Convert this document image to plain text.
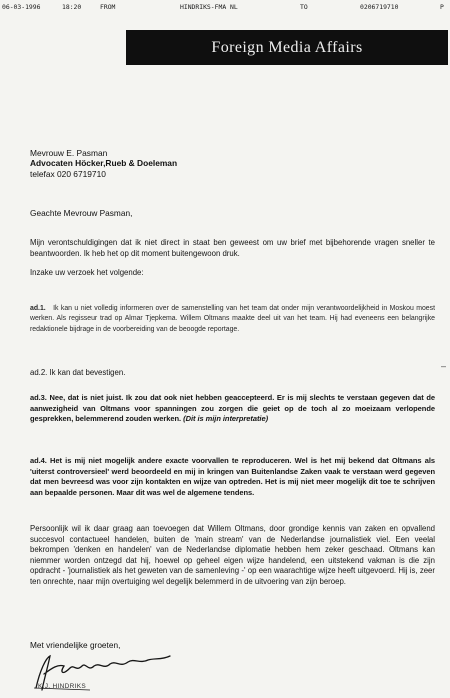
06-03-1996	18:20	FROM	HINDRIKS-FMA NL	TO	0206719710	P
Foreign Media Affairs
Mevrouw E. Pasman
Advocaten Höcker,Rueb & Doeleman
telefax 020 6719710
Geachte Mevrouw Pasman,

Mijn verontschuldigingen dat ik niet direct in staat ben geweest om uw brief met bijbehorende vragen sneller te beantwoorden. Ik heb het op dit moment buitengewoon druk.

Inzake uw verzoek het volgende:

ad.1. Ik kan u niet volledig informeren over de samenstelling van het team dat onder mijn verantwoordelijkheid in Moskou moest werken. Als regisseur trad op Almar Tjepkema. Willem Oltmans maakte deel uit van het team. Hij had eveneens een belangrijke redaktionele bijdrage in de voorbereiding van de beoogde reportage.

ad.2. Ik kan dat bevestigen.

ad.3. Nee, dat is niet juist. Ik zou dat ook niet hebben geaccepteerd. Er is mij slechts te verstaan gegeven dat de aanwezigheid van Oltmans voor spanningen zou zorgen die geiet op de toch al zo moeizaam verlopende gesprekken, belemmerend zouden werken. (Dit is mijn interpretatie)

ad.4. Het is mij niet mogelijk andere exacte voorvallen te reproduceren. Wel is het mij bekend dat Oltmans als 'uiterst controversieel' werd beoordeeld en mij in kringen van Buitenlandse Zaken vaak te verstaan werd gegeven dat men bevreesd was voor zijn kontakten en wijze van optreden. Het is mij niet meer mogelijk dit toe te schrijven aan bepaalde personen. Maar dit was wel de algemene tendens.

Persoonlijk wil ik daar graag aan toevoegen dat Willem Oltmans, door grondige kennis van zaken en opvallend succesvol contactueel handelen, buiten de 'main stream' van de Nederlandse journalistiek viel. Een veelal bekrompen 'denken en handelen' van de Nederlandse diplomatie hebben hem zeker geschaad. Oltmans kan niemmer worden ontzegd dat hij, hoewel op geheel eigen wijze handelend, een uitstekend vakman is die zijn opdracht - 'journalistiek als het geweten van de samenleving -' op een waarachtige wijze heeft uitgevoerd. Hij is, zeer ten onrechte, naar mijn overtuiging wel degelijk belemmerd in de uitvoering van zijn beroep.

–
Met vriendelijke groeten,
K.J. HINDRIKS
